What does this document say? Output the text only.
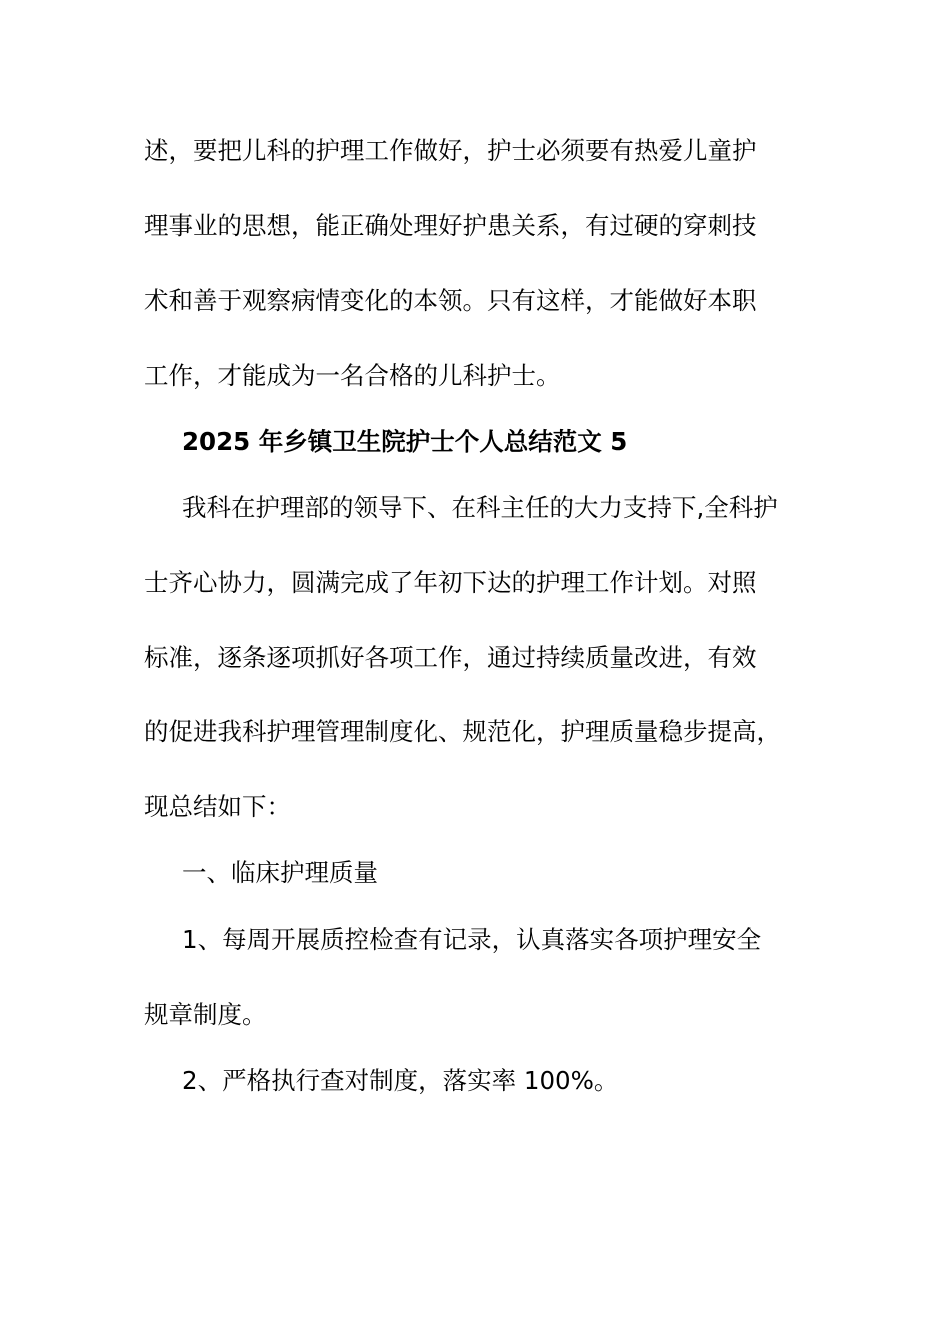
述，要把儿科的护理工作做好，护士必须要有热爱儿童护
理事业的思想，能正确处理好护患关系，有过硬的穿刺技
术和善于观察病情变化的本领。只有这样，才能做好本职
工作，才能成为一名合格的儿科护士。
2025 年乡镇卫生院护士个人总结范文 5
我科在护理部的领导下、在科主任的大力支持下,全科护
士齐心协力，圆满完成了年初下达的护理工作计划。对照
标准，逐条逐项抓好各项工作，通过持续质量改进，有效
的促进我科护理管理制度化、规范化，护理质量稳步提高，
现总结如下：
一、临床护理质量
1、每周开展质控检查有记录，认真落实各项护理安全
规章制度。
2、严格执行查对制度，落实率 100%。
